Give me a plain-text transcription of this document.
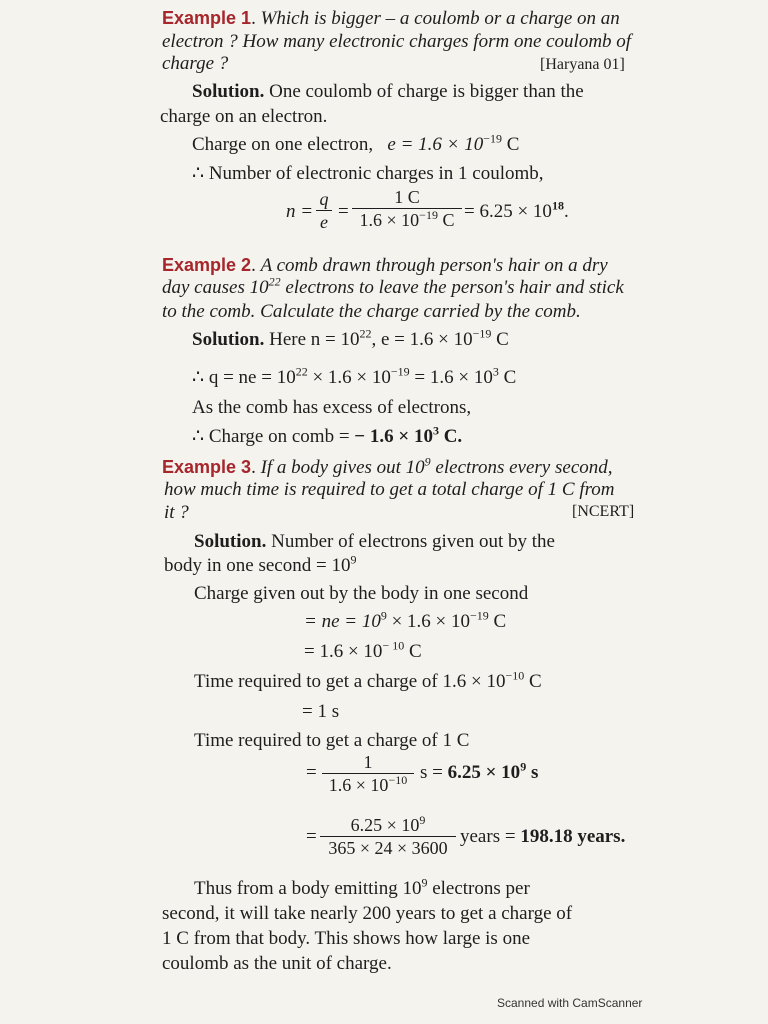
Example 1. Which is bigger – a coulomb or a charge on an
electron ? How many electronic charges form one coulomb of
charge ?	[Haryana 01]
Solution. One coulomb of charge is bigger than the
charge on an electron.
Charge on one electron, $e = 1.6 \times 10^{-19}$ C
∴ Number of electronic charges in 1 coulomb,
n =
q
e =
1 C
$1.6 \times 10^{-19}$ $C = 6.25 \times 10^{18}$.
Example 2. A comb drawn through person's hair on a dry
day causes $10^{22}$ electrons to leave the person's hair and stick
to the comb. Calculate the charge carried by the comb.
Solution. Here $n = 10^{22}$, $e = 1.6 \times 10^{-19}$ C
∴ q = ne = $10^{22} \times 1.6 \times 10^{-19} = 1.6 \times 10^3$ C
As the comb has excess of electrons,
∴ Charge on comb = − $1.6 \times 10^3$ C.
Example 3. If a body gives out $10^9$ electrons every second,
how much time is required to get a total charge of 1 C from
it ?	[NCERT]
Solution. Number of electrons given out by the
body in one second = $10^9$
Charge given out by the body in one second
= ne = $10^9 \times 1.6 \times 10^{-19}$ C
= $1.6 \times 10^{- 10}$ C
Time required to get a charge of $1.6 \times 10^{-10}$ C
= 1 s
Time required to get a charge of 1 C
=	1
$1.6 \times 10^{-10}$ $s = 6.25 \times 10^9$ s
=
$6.25 \times 10^9$
365 × 24 × 3600
years = 198.18 years.
Thus from a body emitting $10^9$ electrons per
second, it will take nearly 200 years to get a charge of
1 C from that body. This shows how large is one
coulomb as the unit of charge.
Scanned with CamScanner
